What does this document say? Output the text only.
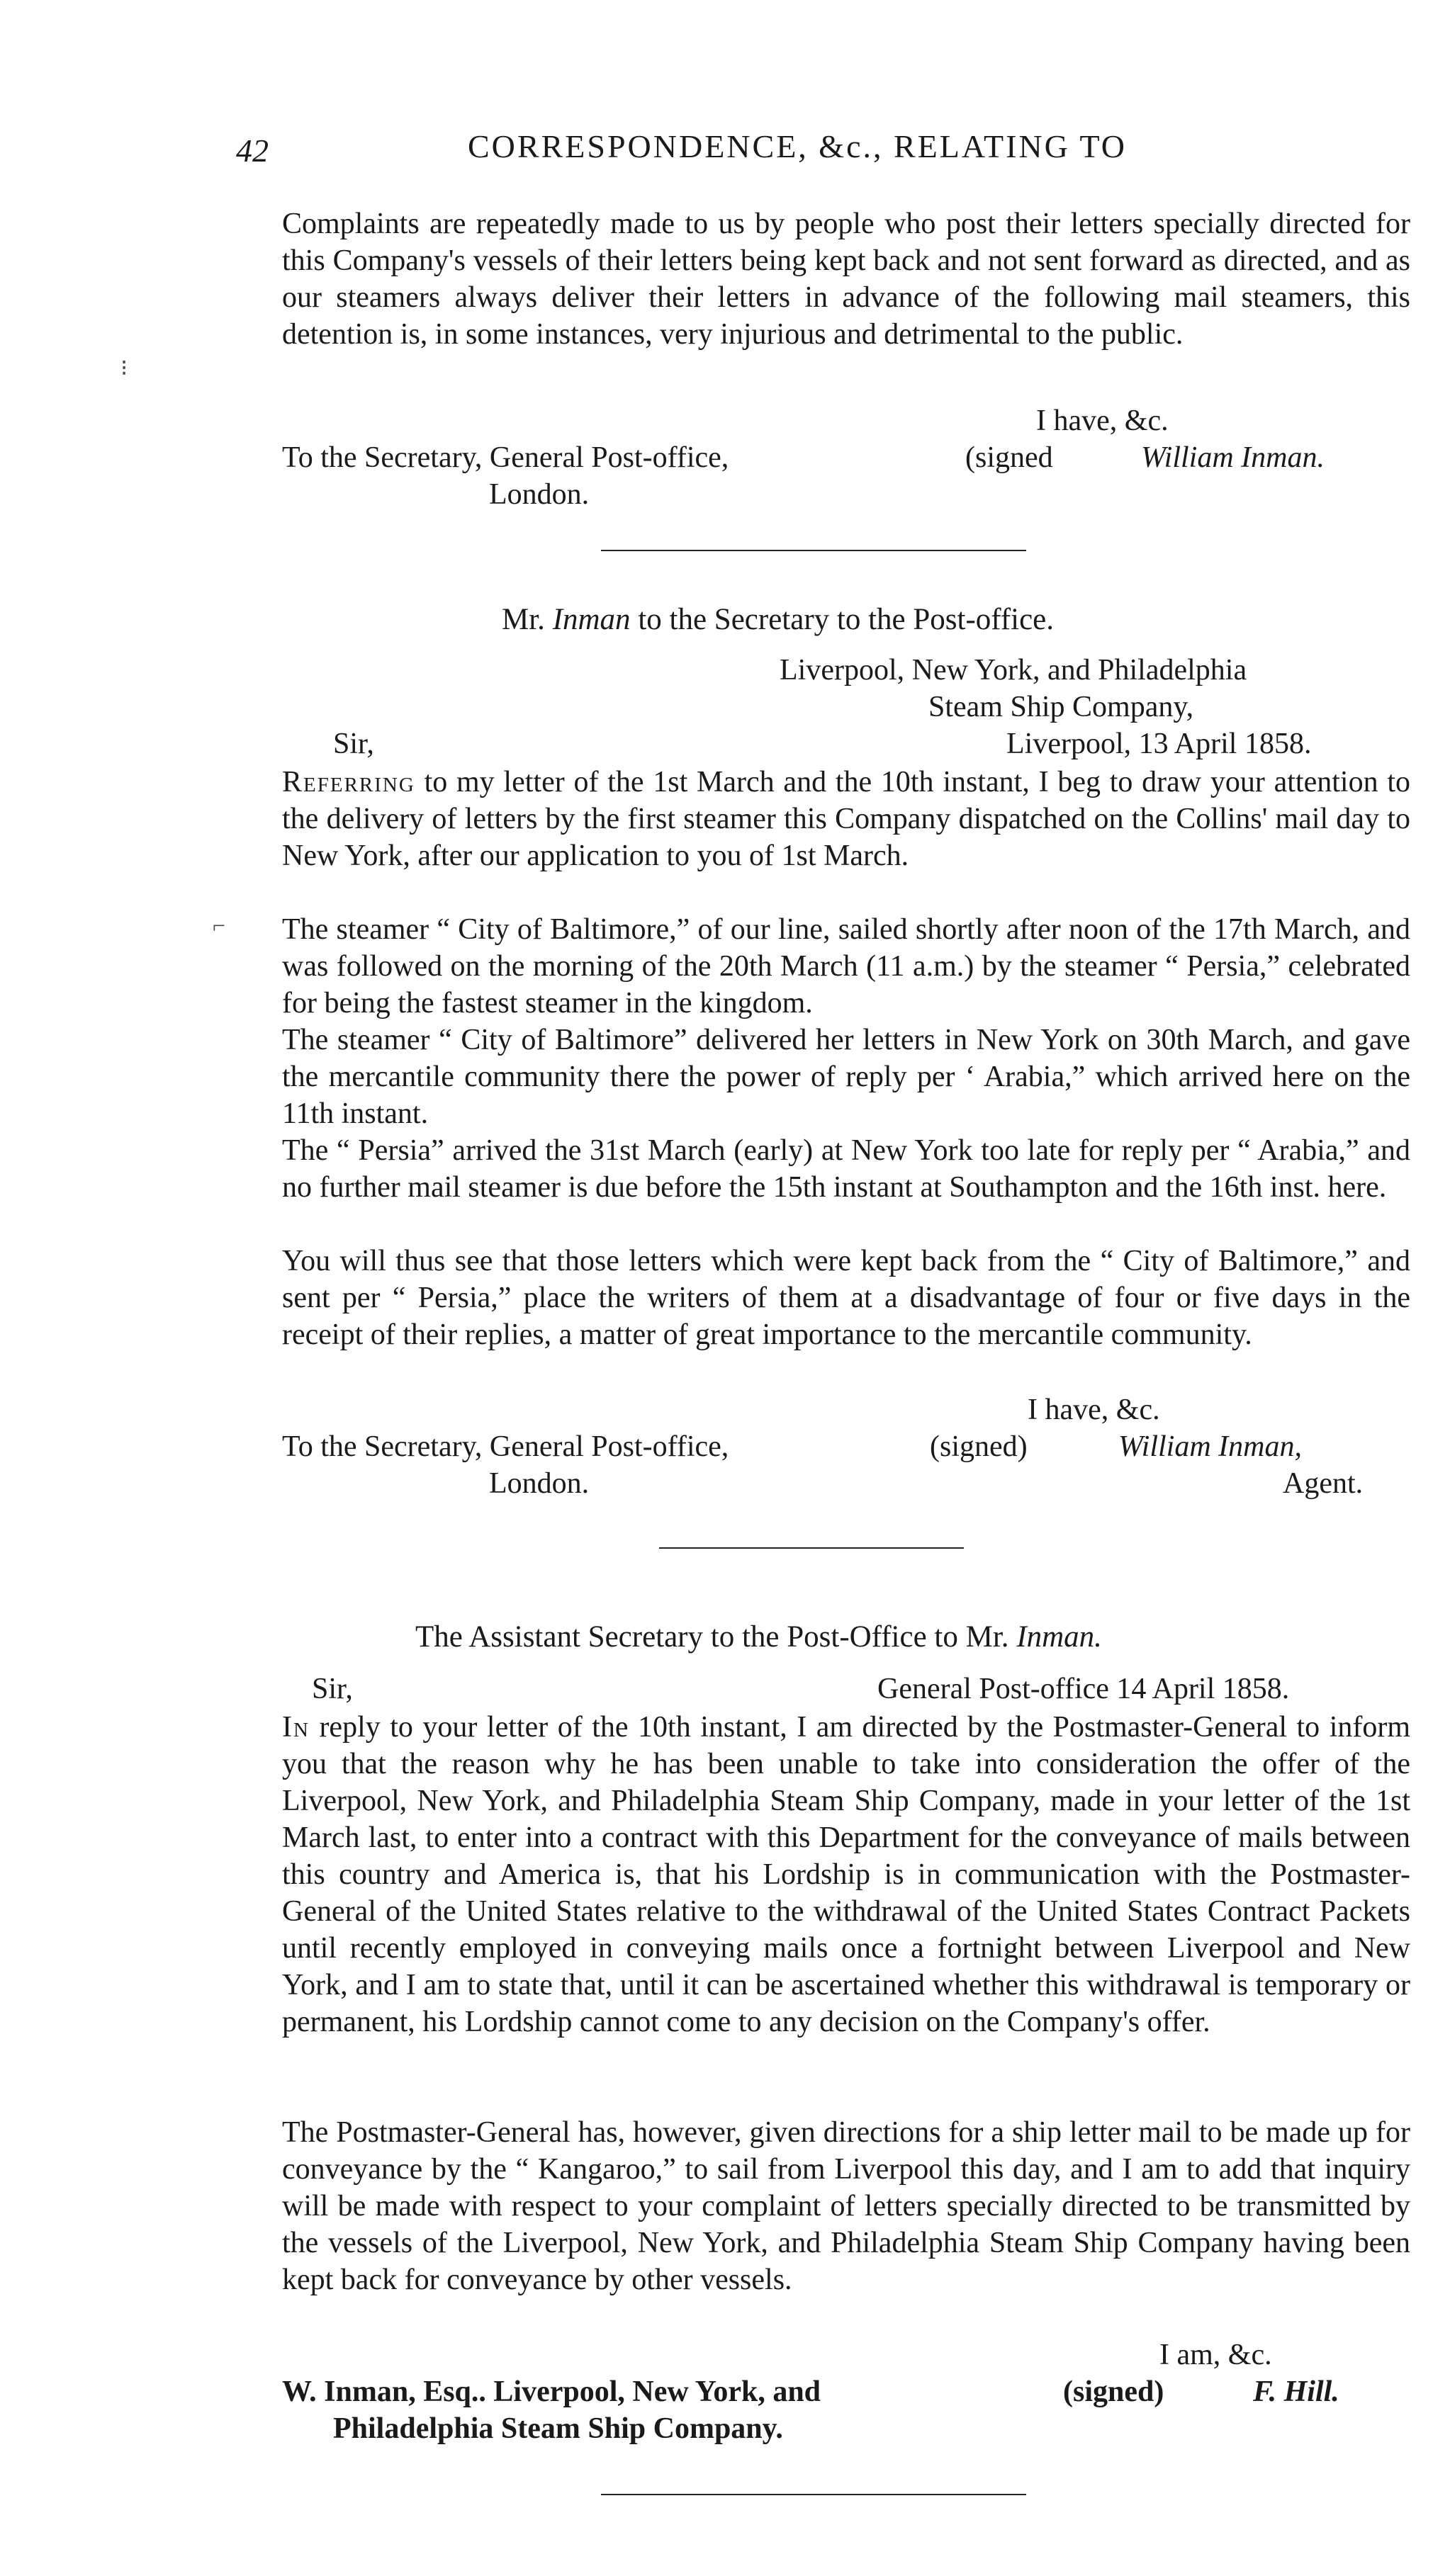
42	CORRESPONDENCE, &c., RELATING TO

Complaints are repeatedly made to us by people who post their letters specially directed for this Company's vessels of their letters being kept back and not sent forward as directed, and as our steamers always deliver their letters in advance of the following mail steamers, this detention is, in some instances, very injurious and detrimental to the public.

⁝
I have, &c.
To the Secretary, General Post-office,	(signed	William Inman.
London.
Mr. Inman to the Secretary to the Post-office.
Liverpool, New York, and Philadelphia
Steam Ship Company,
Sir,	Liverpool, 13 April 1858.

Referring to my letter of the 1st March and the 10th instant, I beg to draw your attention to the delivery of letters by the first steamer this Company dispatched on the Collins' mail day to New York, after our application to you of 1st March.

⌐ The steamer “ City of Baltimore,” of our line, sailed shortly after noon of the 17th March, and was followed on the morning of the 20th March (11 a.m.) by the steamer “ Persia,” celebrated for being the fastest steamer in the kingdom.

The steamer “ City of Baltimore” delivered her letters in New York on 30th March, and gave the mercantile community there the power of reply per ‘ Arabia,” which arrived here on the 11th instant.

The “ Persia” arrived the 31st March (early) at New York too late for reply per “ Arabia,” and no further mail steamer is due before the 15th instant at Southampton and the 16th inst. here.

You will thus see that those letters which were kept back from the “ City of Baltimore,” and sent per “ Persia,” place the writers of them at a disadvantage of four or five days in the receipt of their replies, a matter of great importance to the mercantile community.

I have, &c.
To the Secretary, General Post-office,	(signed)	William Inman,
London.	Agent.
The Assistant Secretary to the Post-Office to Mr. Inman.
Sir,	General Post-office 14 April 1858.

In reply to your letter of the 10th instant, I am directed by the Postmaster-General to inform you that the reason why he has been unable to take into consideration the offer of the Liverpool, New York, and Philadelphia Steam Ship Company, made in your letter of the 1st March last, to enter into a contract with this Department for the conveyance of mails between this country and America is, that his Lordship is in communication with the Postmaster-General of the United States relative to the withdrawal of the United States Contract Packets until recently employed in conveying mails once a fortnight between Liverpool and New York, and I am to state that, until it can be ascertained whether this withdrawal is temporary or permanent, his Lordship cannot come to any decision on the Company's offer.

The Postmaster-General has, however, given directions for a ship letter mail to be made up for conveyance by the “ Kangaroo,” to sail from Liverpool this day, and I am to add that inquiry will be made with respect to your complaint of letters specially directed to be transmitted by the vessels of the Liverpool, New York, and Philadelphia Steam Ship Company having been kept back for conveyance by other vessels.

I am, &c.
W. Inman, Esq.. Liverpool, New York, and	(signed)	F. Hill.
Philadelphia Steam Ship Company.
